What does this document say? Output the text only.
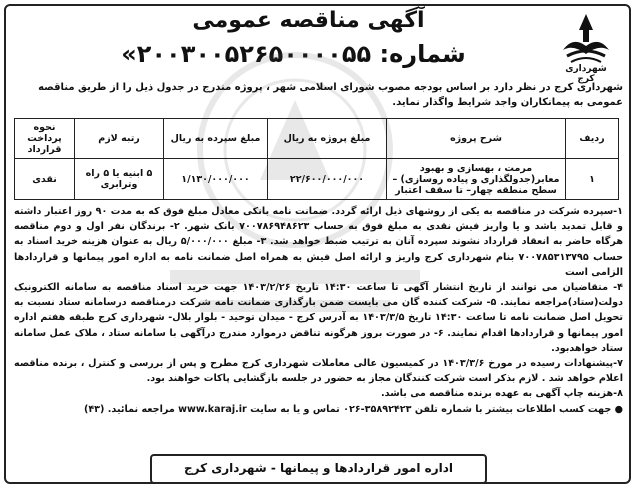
آگهی مناقصه عمومی
شماره: ۲۰۰۳۰۰۵۲۶۵۰۰۰۰۵۵»
شهرداری کرج
شهرداری کرج در نظر دارد بر اساس بودجه مصوب شورای اسلامی شهر ، پروژه مندرج در جدول ذیل را از طریق مناقصه عمومی به پیمانکاران واجد شرایط واگذار نماید.
ردیف	شرح پروژه	مبلغ پروژه به ریال	مبلغ سپرده به ریال	رتبه لازم	نحوه پرداخت قرارداد
۱	مرمت ، بهسازی و بهبود معابر(جدولگذاری و پیاده روسازی) – سطح منطقه چهار– تا سقف اعتبار	۲۲/۶۰۰/۰۰۰/۰۰۰	۱/۱۳۰/۰۰۰/۰۰۰	۵ ابنیه یا ۵ راه وترابری	نقدی

۱-سپرده شرکت در مناقصه به یکی از روشهای ذیل ارائه گردد. ضمانت نامه بانکی معادل مبلغ فوق که به مدت ۹۰ روز اعتبار داشته و قابل تمدید باشد و یا واریز فیش نقدی به مبلغ فوق به حساب ۷۰۰۷۸۶۹۴۸۶۲۳ بانک شهر. ۲- برندگان نفر اول و دوم مناقصه هرگاه حاضر به انعقاد قرارداد نشوند سپرده آنان به ترتیب ضبط خواهد شد. ۳- مبلغ ۵/۰۰۰/۰۰۰ ریال به عنوان هزینه خرید اسناد به حساب ۷۰۰۷۸۵۳۱۳۷۹۵ بنام شهرداری کرج واریز و ارائه اصل فیش به همراه اصل ضمانت نامه به اداره امور پیمانها و قراردادها الزامی است

۴- متقاضیان می توانند از تاریخ انتشار آگهی تا ساعت ۱۴:۳۰ تاریخ ۱۴۰۳/۲/۲۶ جهت خرید اسناد مناقصه به سامانه الکترونیک دولت(ستاد)مراجعه نمایند. ۵- شرکت کننده گان می بایست ضمن بارگذاری ضمانت نامه شرکت درمناقصه درسامانه ستاد نسبت به تحویل اصل ضمانت نامه تا ساعت ۱۴:۳۰ تاریخ ۱۴۰۳/۳/۵ به آدرس کرج - میدان توحید - بلوار بلال- شهرداری کرج طبقه هفتم اداره امور پیمانها و قراردادها اقدام نمایند. ۶- در صورت بروز هرگونه تناقض درموارد مندرج درآگهی با سامانه ستاد ، ملاک عمل سامانه ستاد خواهدبود.

۷-پیشنهادات رسیده در مورخ ۱۴۰۳/۳/۶ در کمیسیون عالی معاملات شهرداری کرج مطرح و پس از بررسی و کنترل ، برنده مناقصه اعلام خواهد شد . لازم بذکر است شرکت کنندگان مجاز به حضور در جلسه بازگشایی پاکات خواهند بود.

۸-هزینه چاپ آگهی به عهده برنده مناقصه می باشد.

● جهت کسب اطلاعات بیشتر با شماره تلفن ۳۵۸۹۲۴۲۳-۰۲۶ تماس و یا به سایت www.karaj.ir مراجعه نمائید. (۴۳)

اداره امور قراردادها و پیمانها - شهرداری کرج
